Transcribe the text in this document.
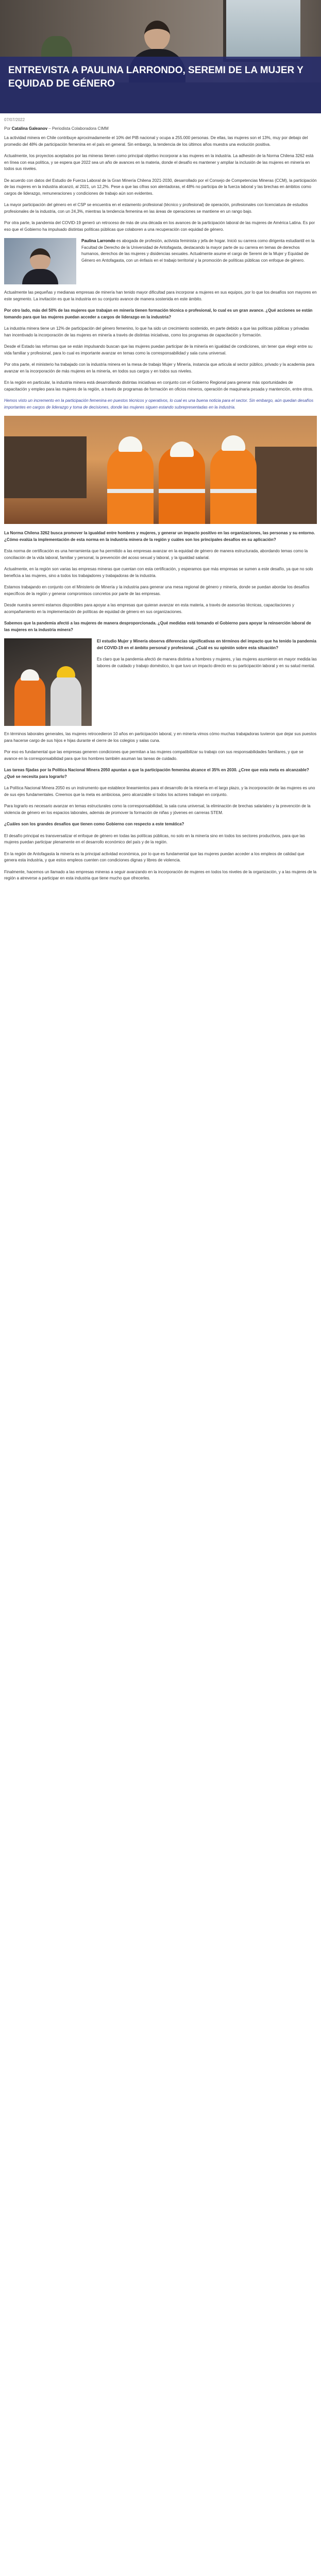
ENTREVISTA A PAULINA LARRONDO, SEREMI DE LA MUJER Y EQUIDAD DE GÉNERO
07/07/2022
Por Catalina Galeanov – Periodista Colaboradora CIMM

La actividad minera en Chile contribuye aproximadamente el 10% del PIB nacional y ocupa a 255.000 personas. De ellas, las mujeres son el 13%, muy por debajo del promedio del 48% de participación femenina en el país en general. Sin embargo, la tendencia de los últimos años muestra una evolución positiva.

Actualmente, los proyectos aceptados por las mineras tienen como principal objetivo incorporar a las mujeres en la industria. La adhesión de la Norma Chilena 3262 está en línea con esa política, y se espera que 2022 sea un año de avances en la materia, donde el desafío es mantener y ampliar la inclusión de las mujeres en minería en todos sus niveles.

De acuerdo con datos del Estudio de Fuerza Laboral de la Gran Minería Chilena 2021-2030, desarrollado por el Consejo de Competencias Mineras (CCM), la participación de las mujeres en la industria alcanzó, al 2021, un 12,2%. Pese a que las cifras son alentadoras, el 48% no participa de la fuerza laboral y las brechas en ámbitos como cargos de liderazgo, remuneraciones y condiciones de trabajo aún son evidentes.

La mayor participación del género en el CSP se encuentra en el estamento profesional (técnico y profesional) de operación, profesionales con licenciatura de estudios profesionales de la industria, con un 24,3%, mientras la tendencia femenina en las áreas de operaciones se mantiene en un rango bajo.

Por otra parte, la pandemia del COVID-19 generó un retroceso de más de una década en los avances de la participación laboral de las mujeres de América Latina. Es por eso que el Gobierno ha impulsado distintas políticas públicas que colaboren a una recuperación con equidad de género.

Paulina Larrondo es abogada de profesión, activista feminista y jefa de hogar. Inició su carrera como dirigenta estudiantil en la Facultad de Derecho de la Universidad de Antofagasta, destacando la mayor parte de su carrera en temas de derechos humanos, derechos de las mujeres y disidencias sexuales. Actualmente asume el cargo de Seremi de la Mujer y Equidad de Género en Antofagasta, con un énfasis en el trabajo territorial y la promoción de políticas públicas con enfoque de género.

Actualmente las pequeñas y medianas empresas de minería han tenido mayor dificultad para incorporar a mujeres en sus equipos, por lo que los desafíos son mayores en este segmento. La invitación es que la industria en su conjunto avance de manera sostenida en este ámbito.

Por otro lado, más del 50% de las mujeres que trabajan en minería tienen formación técnica o profesional, lo cual es un gran avance. ¿Qué acciones se están tomando para que las mujeres puedan acceder a cargos de liderazgo en la industria?

La industria minera tiene un 12% de participación del género femenino, lo que ha sido un crecimiento sostenido, en parte debido a que las políticas públicas y privadas han incentivado la incorporación de las mujeres en minería a través de distintas iniciativas, como los programas de capacitación y formación.

Desde el Estado las reformas que se están impulsando buscan que las mujeres puedan participar de la minería en igualdad de condiciones, sin tener que elegir entre su vida familiar y profesional, para lo cual es importante avanzar en temas como la corresponsabilidad y sala cuna universal.

Por otra parte, el ministerio ha trabajado con la industria minera en la mesa de trabajo Mujer y Minería, instancia que articula al sector público, privado y la academia para avanzar en la incorporación de más mujeres en la minería, en todos sus cargos y en todos sus niveles.

En la región en particular, la industria minera está desarrollando distintas iniciativas en conjunto con el Gobierno Regional para generar más oportunidades de capacitación y empleo para las mujeres de la región, a través de programas de formación en oficios mineros, operación de maquinaria pesada y mantención, entre otros.

Hemos visto un incremento en la participación femenina en puestos técnicos y operativos, lo cual es una buena noticia para el sector. Sin embargo, aún quedan desafíos importantes en cargos de liderazgo y toma de decisiones, donde las mujeres siguen estando subrepresentadas en la industria.

La Norma Chilena 3262 busca promover la igualdad entre hombres y mujeres, y generar un impacto positivo en las organizaciones, las personas y su entorno. ¿Cómo evalúa la implementación de esta norma en la industria minera de la región y cuáles son los principales desafíos en su aplicación?

Esta norma de certificación es una herramienta que ha permitido a las empresas avanzar en la equidad de género de manera estructurada, abordando temas como la conciliación de la vida laboral, familiar y personal, la prevención del acoso sexual y laboral, y la igualdad salarial.

Actualmente, en la región son varias las empresas mineras que cuentan con esta certificación, y esperamos que más empresas se sumen a este desafío, ya que no solo beneficia a las mujeres, sino a todos los trabajadores y trabajadoras de la industria.

Estamos trabajando en conjunto con el Ministerio de Minería y la industria para generar una mesa regional de género y minería, donde se puedan abordar los desafíos específicos de la región y generar compromisos concretos por parte de las empresas.

Desde nuestra seremi estamos disponibles para apoyar a las empresas que quieran avanzar en esta materia, a través de asesorías técnicas, capacitaciones y acompañamiento en la implementación de políticas de equidad de género en sus organizaciones.

Sabemos que la pandemia afectó a las mujeres de manera desproporcionada. ¿Qué medidas está tomando el Gobierno para apoyar la reinserción laboral de las mujeres en la industria minera?

El estudio Mujer y Minería observa diferencias significativas en términos del impacto que ha tenido la pandemia del COVID-19 en el ámbito personal y profesional. ¿Cuál es su opinión sobre esta situación?

Es claro que la pandemia afectó de manera distinta a hombres y mujeres, y las mujeres asumieron en mayor medida las labores de cuidado y trabajo doméstico, lo que tuvo un impacto directo en su participación laboral y en su salud mental.

En términos laborales generales, las mujeres retrocedieron 10 años en participación laboral, y en minería vimos cómo muchas trabajadoras tuvieron que dejar sus puestos para hacerse cargo de sus hijos e hijas durante el cierre de los colegios y salas cuna.

Por eso es fundamental que las empresas generen condiciones que permitan a las mujeres compatibilizar su trabajo con sus responsabilidades familiares, y que se avance en la corresponsabilidad para que los hombres también asuman las tareas de cuidado.

Las tareas fijadas por la Política Nacional Minera 2050 apuntan a que la participación femenina alcance el 35% en 2030. ¿Cree que esta meta es alcanzable? ¿Qué se necesita para lograrlo?

La Política Nacional Minera 2050 es un instrumento que establece lineamientos para el desarrollo de la minería en el largo plazo, y la incorporación de las mujeres es uno de sus ejes fundamentales. Creemos que la meta es ambiciosa, pero alcanzable si todos los actores trabajan en conjunto.

Para lograrlo es necesario avanzar en temas estructurales como la corresponsabilidad, la sala cuna universal, la eliminación de brechas salariales y la prevención de la violencia de género en los espacios laborales, además de promover la formación de niñas y jóvenes en carreras STEM.

¿Cuáles son los grandes desafíos que tienen como Gobierno con respecto a este temática?

El desafío principal es transversalizar el enfoque de género en todas las políticas públicas, no solo en la minería sino en todos los sectores productivos, para que las mujeres puedan participar plenamente en el desarrollo económico del país y de la región.

En la región de Antofagasta la minería es la principal actividad económica, por lo que es fundamental que las mujeres puedan acceder a los empleos de calidad que genera esta industria, y que estos empleos cuenten con condiciones dignas y libres de violencia.

Finalmente, hacemos un llamado a las empresas mineras a seguir avanzando en la incorporación de mujeres en todos los niveles de la organización, y a las mujeres de la región a atreverse a participar en esta industria que tiene mucho que ofrecerles.
